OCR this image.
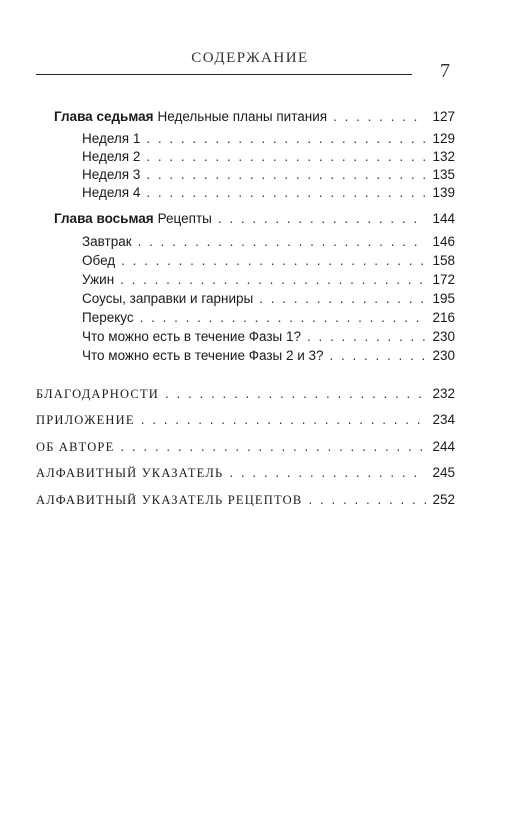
СОДЕРЖАНИЕ
7
Глава седьмая Недельные планы питания . . .	127
Неделя 1 . . .	129
Неделя 2 . . .	132
Неделя 3 . . .	135
Неделя 4 . . .	139
Глава восьмая Рецепты . . .	144
Завтрак . . .	146
Обед . . .	158
Ужин . . .	172
Соусы, заправки и гарниры . . .	195
Перекус . . .	216
Что можно есть в течение Фазы 1? . . .	230
Что можно есть в течение Фазы 2 и 3? . . .	230
БЛАГОДАРНОСТИ . . .	232
ПРИЛОЖЕНИЕ . . .	234
ОБ АВТОРЕ . . .	244
АЛФАВИТНЫЙ УКАЗАТЕЛЬ . . .	245
АЛФАВИТНЫЙ УКАЗАТЕЛЬ РЕЦЕПТОВ . . .	252
